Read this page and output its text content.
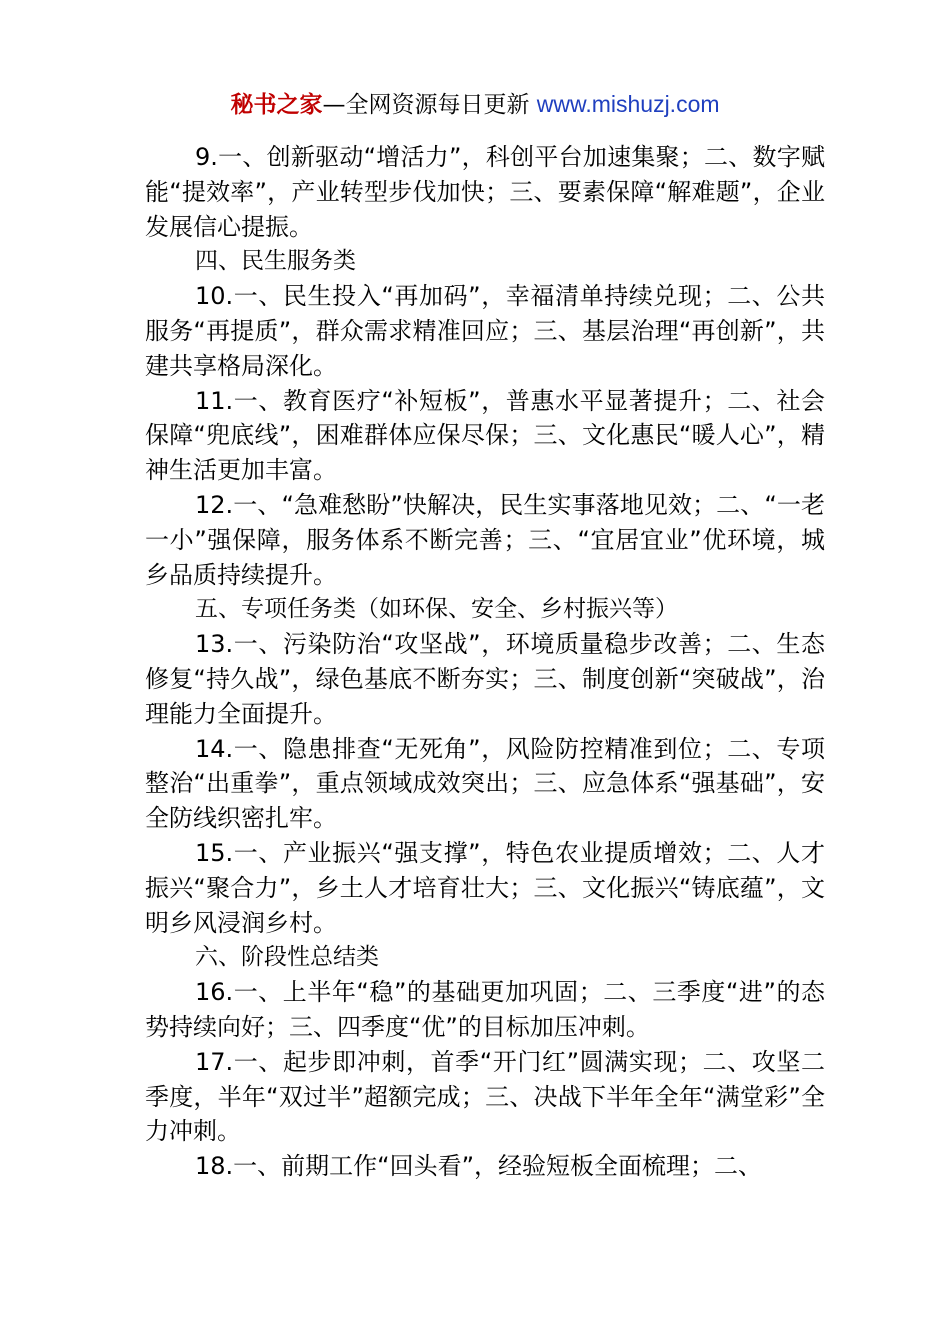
秘书之家—全网资源每日更新 www.mishuzj.com

9.一、创新驱动“增活力”，科创平台加速集聚；二、数字赋能“提效率”，产业转型步伐加快；三、要素保障“解难题”，企业发展信心提振。

四、民生服务类

10.一、民生投入“再加码”，幸福清单持续兑现；二、公共服务“再提质”，群众需求精准回应；三、基层治理“再创新”，共建共享格局深化。

11.一、教育医疗“补短板”，普惠水平显著提升；二、社会保障“兜底线”，困难群体应保尽保；三、文化惠民“暖人心”，精神生活更加丰富。

12.一、“急难愁盼”快解决，民生实事落地见效；二、“一老一小”强保障，服务体系不断完善；三、“宜居宜业”优环境，城乡品质持续提升。

五、专项任务类（如环保、安全、乡村振兴等）

13.一、污染防治“攻坚战”，环境质量稳步改善；二、生态修复“持久战”，绿色基底不断夯实；三、制度创新“突破战”，治理能力全面提升。

14.一、隐患排查“无死角”，风险防控精准到位；二、专项整治“出重拳”，重点领域成效突出；三、应急体系“强基础”，安全防线织密扎牢。

15.一、产业振兴“强支撑”，特色农业提质增效；二、人才振兴“聚合力”，乡土人才培育壮大；三、文化振兴“铸底蕴”，文明乡风浸润乡村。

六、阶段性总结类

16.一、上半年“稳”的基础更加巩固；二、三季度“进”的态势持续向好；三、四季度“优”的目标加压冲刺。

17.一、起步即冲刺，首季“开门红”圆满实现；二、攻坚二季度，半年“双过半”超额完成；三、决战下半年全年“满堂彩”全力冲刺。

18.一、前期工作“回头看”，经验短板全面梳理；二、
